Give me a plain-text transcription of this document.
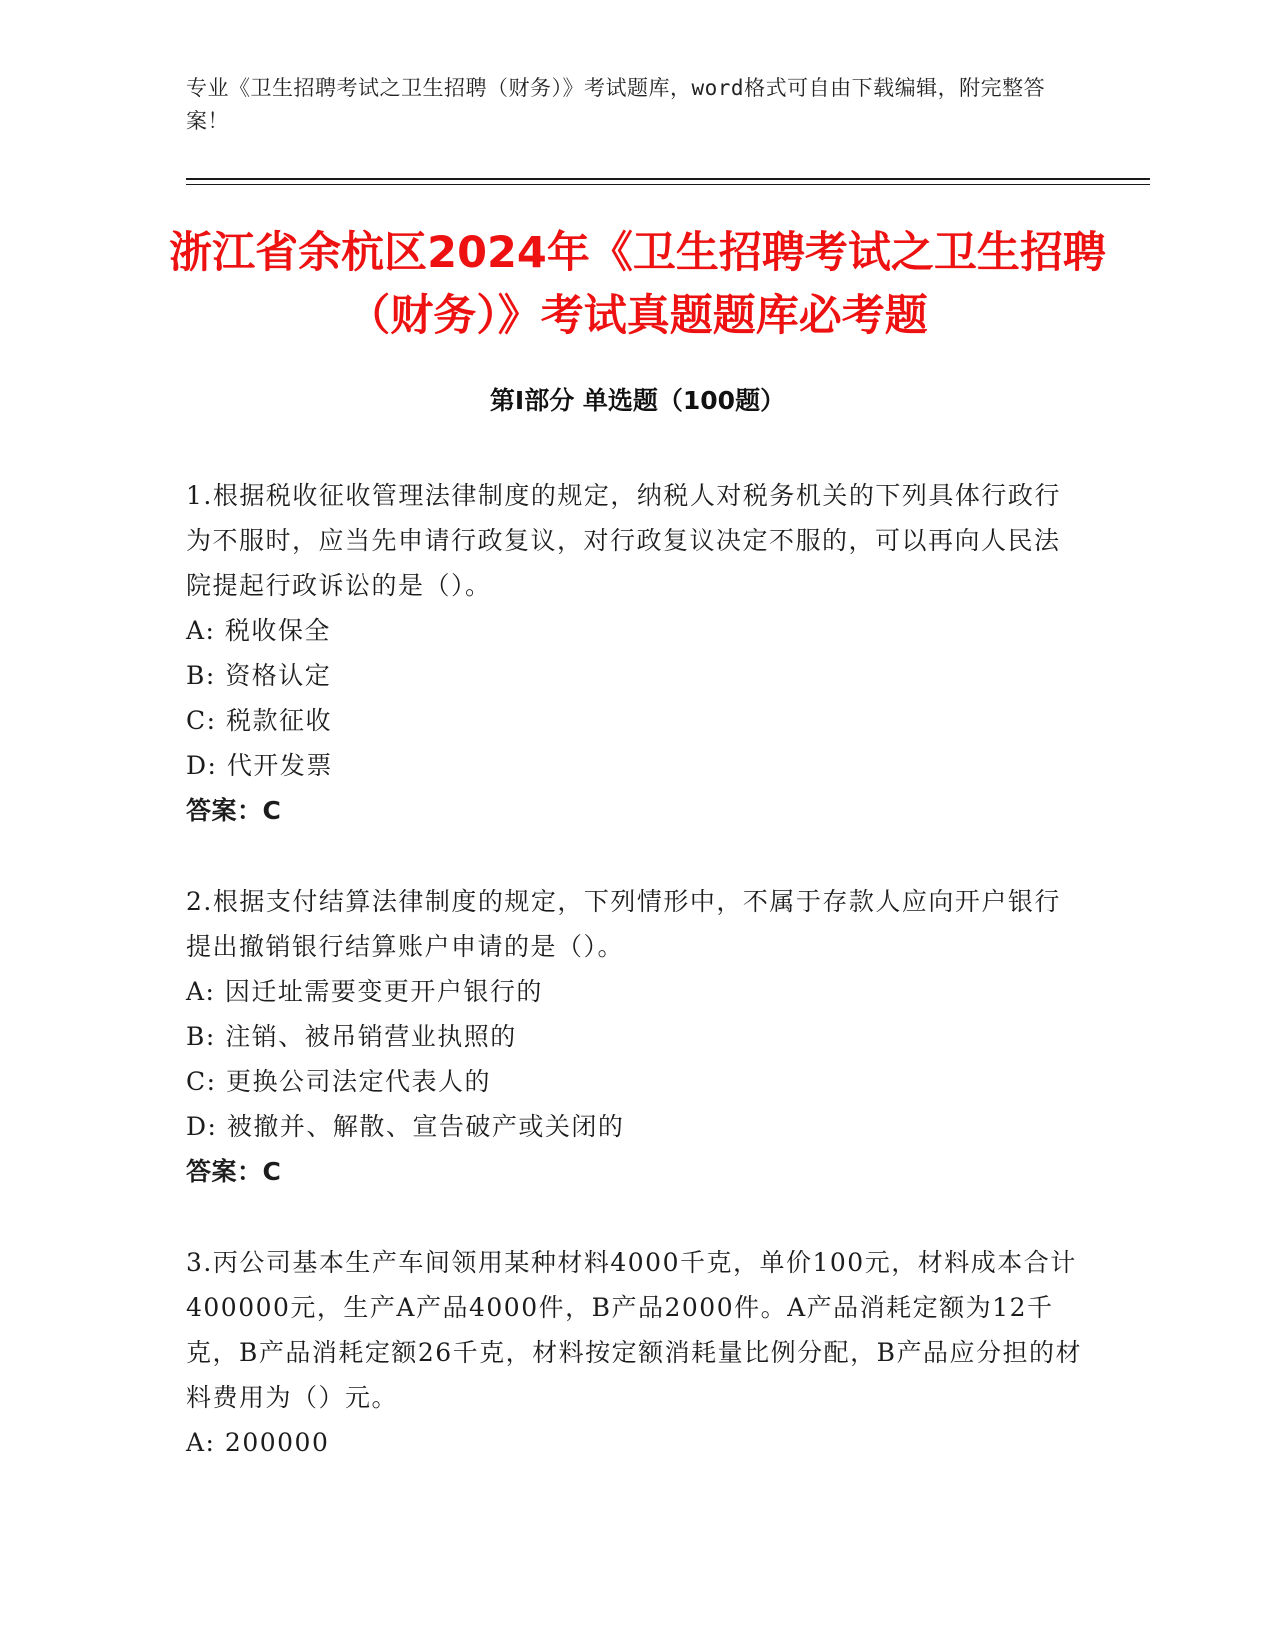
专业《卫生招聘考试之卫生招聘（财务）》考试题库，word格式可自由下载编辑，附完整答案！
浙江省余杭区2024年《卫生招聘考试之卫生招聘（财务）》考试真题题库必考题
第Ⅰ部分 单选题（100题）
1.根据税收征收管理法律制度的规定，纳税人对税务机关的下列具体行政行为不服时，应当先申请行政复议，对行政复议决定不服的，可以再向人民法院提起行政诉讼的是（）。
A: 税收保全
B: 资格认定
C: 税款征收
D: 代开发票
答案：C
2.根据支付结算法律制度的规定，下列情形中，不属于存款人应向开户银行提出撤销银行结算账户申请的是（）。
A: 因迁址需要变更开户银行的
B: 注销、被吊销营业执照的
C: 更换公司法定代表人的
D: 被撤并、解散、宣告破产或关闭的
答案：C
3.丙公司基本生产车间领用某种材料4000千克，单价100元，材料成本合计400000元，生产A产品4000件，B产品2000件。A产品消耗定额为12千克，B产品消耗定额26千克，材料按定额消耗量比例分配，B产品应分担的材料费用为（）元。
A: 200000
